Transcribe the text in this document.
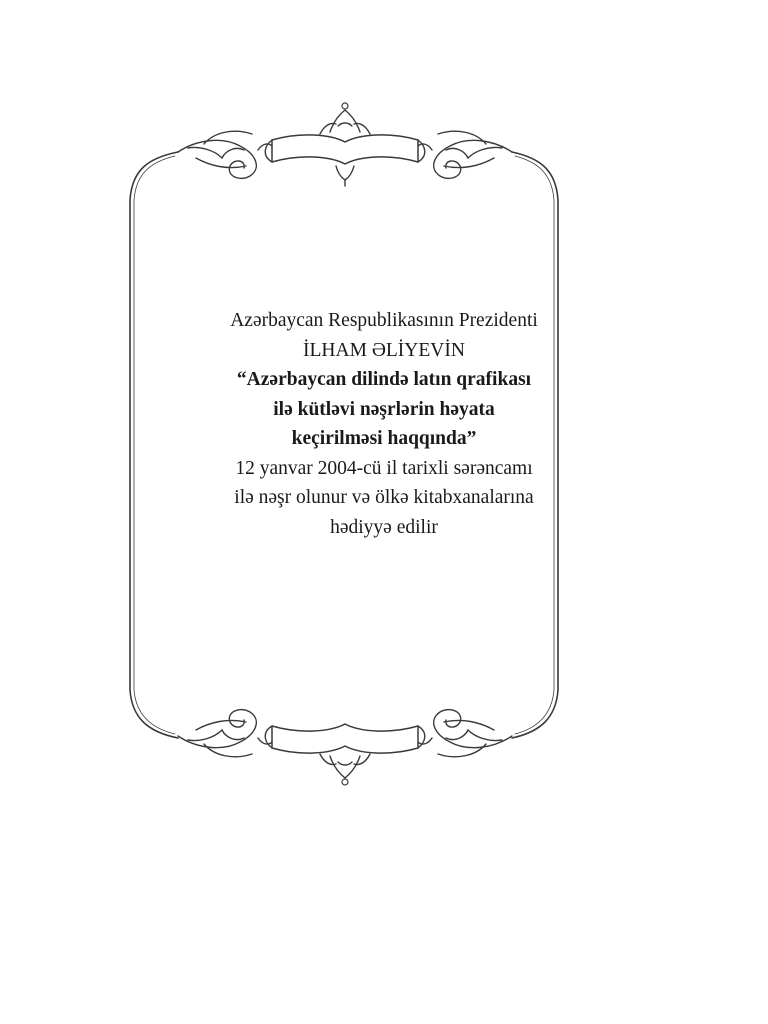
Azərbaycan Respublikasının Prezidenti
İLHAM ƏLİYEVİN
“Azərbaycan dilində latın qrafikası
ilə kütləvi nəşrlərin həyata
keçirilməsi haqqında”
12 yanvar 2004-cü il tarixli sərəncamı
ilə nəşr olunur və ölkə kitabxanalarına
hədiyyə edilir
